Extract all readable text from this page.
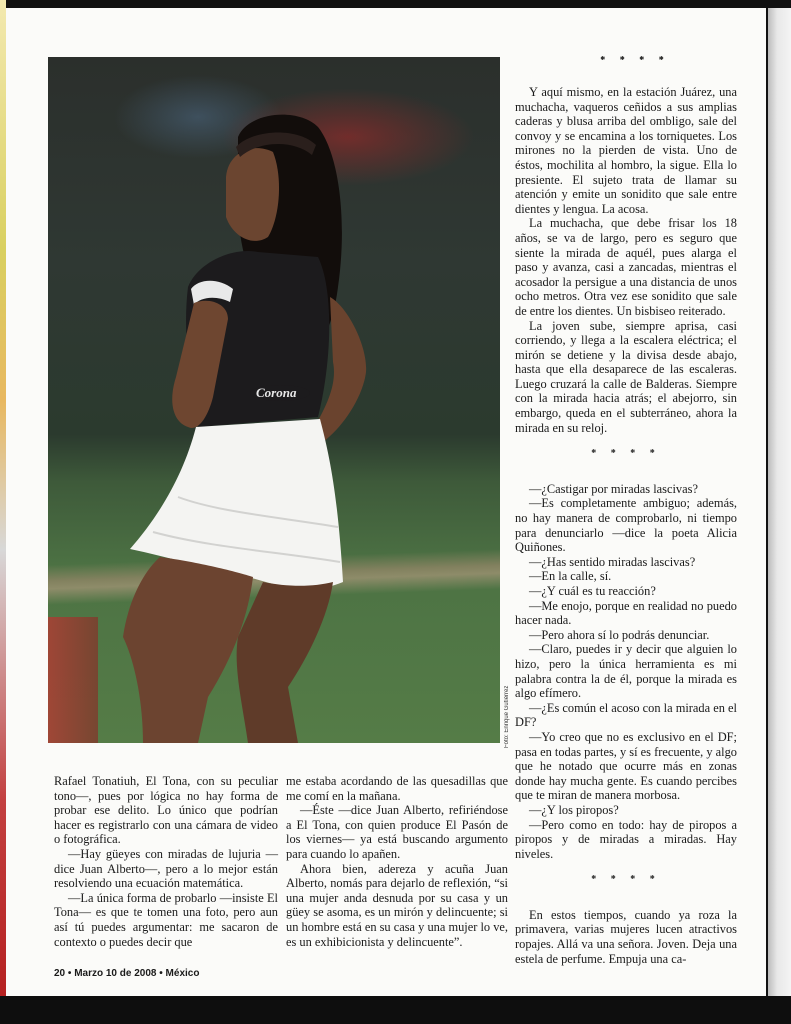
* * * *
Corona
Foto: Enrique Gutiérrez

Rafael Tonatiuh, El Tona, con su peculiar tono—, pues por lógica no hay forma de probar ese delito. Lo único que podrían hacer es registrarlo con una cámara de video o fotográfica.

—Hay güeyes con miradas de lujuria —dice Juan Alberto—, pero a lo mejor están resolviendo una ecuación matemática.

—La única forma de probarlo —insiste El Tona— es que te tomen una foto, pero aun así tú puedes argumentar: me sacaron de contexto o puedes decir que

me estaba acordando de las quesadillas que me comí en la mañana.

—Éste —dice Juan Alberto, refiriéndose a El Tona, con quien produce El Pasón de los viernes— ya está buscando argumento para cuando lo apañen.

Ahora bien, adereza y acuña Juan Alberto, nomás para dejarlo de reflexión, “si una mujer anda desnuda por su casa y un güey se asoma, es un mirón y delincuente; si un hombre está en su casa y una mujer lo ve, es un exhibicionista y delincuente”.

Y aquí mismo, en la estación Juárez, una muchacha, vaqueros ceñidos a sus amplias caderas y blusa arriba del ombligo, sale del convoy y se encamina a los torniquetes. Los mirones no la pierden de vista. Uno de éstos, mochilita al hombro, la sigue. Ella lo presiente. El sujeto trata de llamar su atención y emite un sonidito que sale entre dientes y lengua. La acosa.

La muchacha, que debe frisar los 18 años, se va de largo, pero es seguro que siente la mirada de aquél, pues alarga el paso y avanza, casi a zancadas, mientras el acosador la persigue a una distancia de unos ocho metros. Otra vez ese sonidito que sale de entre los dientes. Un bisbiseo reiterado.

La joven sube, siempre aprisa, casi corriendo, y llega a la escalera eléctrica; el mirón se detiene y la divisa desde abajo, hasta que ella desaparece de las escaleras. Luego cruzará la calle de Balderas. Siempre con la mirada hacia atrás; el abejorro, sin embargo, queda en el subterráneo, ahora la mirada en su reloj.

* * * *

—¿Castigar por miradas lascivas?

—Es completamente ambiguo; además, no hay manera de comprobarlo, ni tiempo para denunciarlo —dice la poeta Alicia Quiñones.

—¿Has sentido miradas lascivas?

—En la calle, sí.

—¿Y cuál es tu reacción?

—Me enojo, porque en realidad no puedo hacer nada.

—Pero ahora sí lo podrás denunciar.

—Claro, puedes ir y decir que alguien lo hizo, pero la única herramienta es mi palabra contra la de él, porque la mirada es algo efímero.

—¿Es común el acoso con la mirada en el DF?

—Yo creo que no es exclusivo en el DF; pasa en todas partes, y sí es frecuente, y algo que he notado que ocurre más en zonas donde hay mucha gente. Es cuando percibes que te miran de manera morbosa.

—¿Y los piropos?

—Pero como en todo: hay de piropos a piropos y de miradas a miradas. Hay niveles.

* * * *

En estos tiempos, cuando ya roza la primavera, varias mujeres lucen atractivos ropajes. Allá va una señora. Joven. Deja una estela de perfume. Empuja una ca-

20 • Marzo 10 de 2008 • México
